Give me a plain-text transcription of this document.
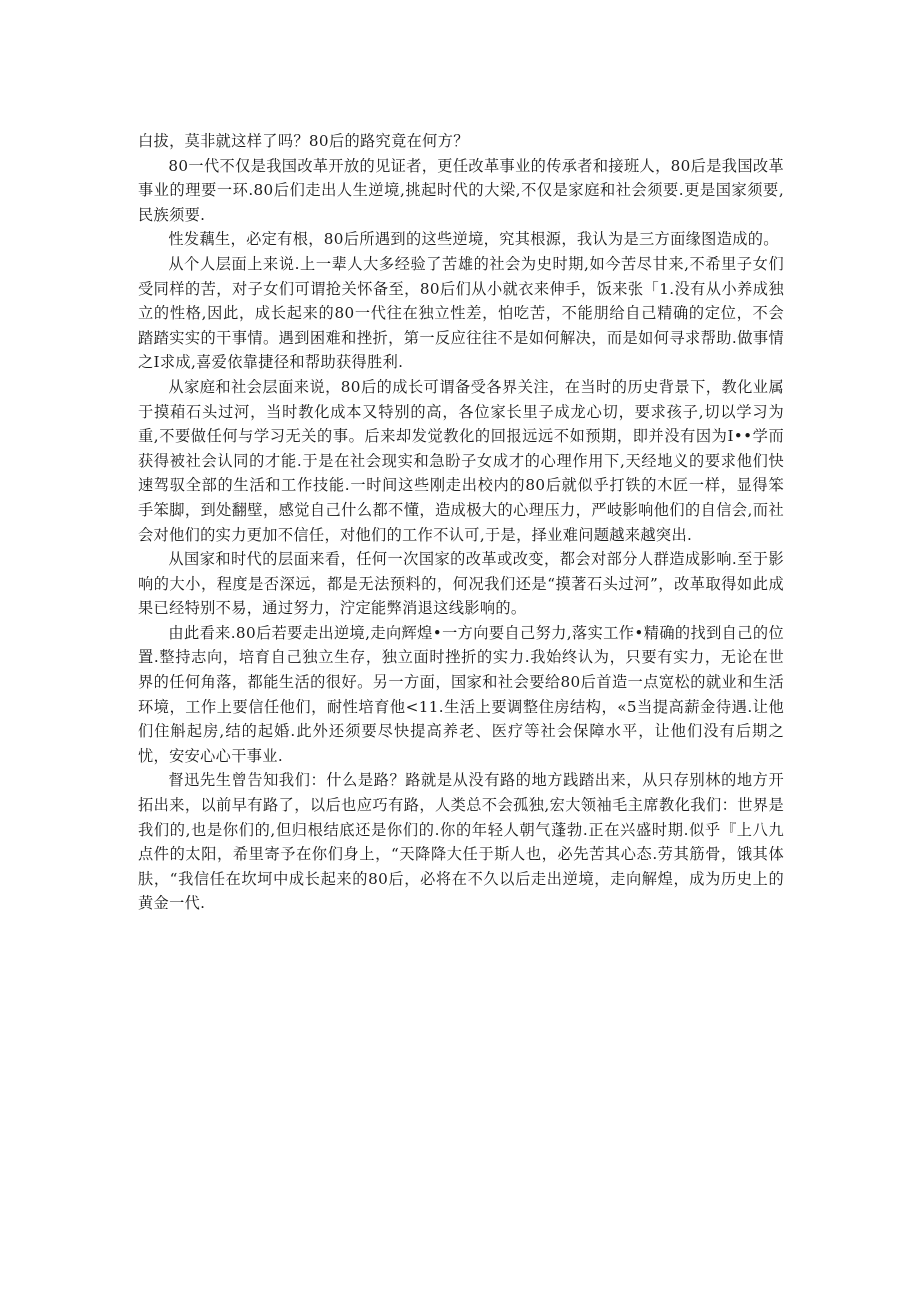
白拔，莫非就这样了吗？80后的路究竟在何方？

80一代不仅是我国改革开放的见证者，更任改革事业的传承者和接班人，80后是我国改革事业的理要一环.80后们走出人生逆境,挑起时代的大梁,不仅是家庭和社会须要.更是国家须要,民族须要.

性发藕生，必定有根，80后所遇到的这些逆境，究其根源，我认为是三方面缘图造成的。

从个人层面上来说.上一辈人大多经验了苦雄的社会为史时期,如今苦尽甘来,不希里子女们受同样的苦，对子女们可谓抢关怀备至，80后们从小就衣来伸手，饭来张「1.没有从小养成独立的性格,因此，成长起来的80一代往在独立性差，怕吃苦，不能朋给自己精确的定位，不会踏踏实实的干事情。遇到困难和挫折，第一反应往往不是如何解决，而是如何寻求帮助.做事情之I求成,喜爱依靠捷径和帮助获得胜利.

从家庭和社会层面来说，80后的成长可谓备受各界关注，在当时的历史背景下，教化业属于摸葙石头过河，当时教化成本又特别的高，各位家长里子成龙心切，要求孩子,切以学习为重,不要做任何与学习无关的事。后来却发觉教化的回报远远不如预期，即并没有因为I••学而获得被社会认同的才能.于是在社会现实和急盼子女成才的心理作用下,天经地义的要求他们快速驾驭全部的生活和工作技能.一时间这些刚走出校内的80后就似乎打铁的木匠一样，显得笨手笨脚，到处翻壁，感觉自己什么都不懂，造成极大的心理压力，严岐影响他们的自信会,而社会对他们的实力更加不信任，对他们的工作不认可,于是，择业难问题越来越突出.

从国家和时代的层面来看，任何一次国家的改革或改变，都会对部分人群造成影响.至于影响的大小，程度是否深远，都是无法预料的，何况我们还是“摸著石头过河”，改革取得如此成果已经特别不易，通过努力，泞定能弊消退这线影响的。

由此看来.80后若要走出逆境,走向辉煌•一方向要自己努力,落实工作•精确的找到自己的位置.整持志向，培育自己独立生存，独立面时挫折的实力.我始终认为，只要有实力，无论在世界的任何角落，都能生活的很好。另一方面，国家和社会要给80后首造一点宽松的就业和生活环境，工作上要信任他们，耐性培育他<11.生活上要调整住房结构，«5当提高薪金待遇.让他们住斛起房,结的起婚.此外还须要尽快提高养老、医疗等社会保障水平，让他们没有后期之忧，安安心心干事业.

督迅先生曾告知我们：什么是路？路就是从没有路的地方践踏出来，从只存别林的地方开拓出来，以前早有路了，以后也应巧有路，人类总不会孤独,宏大领袖毛主席教化我们：世界是我们的,也是你们的,但归根结底还是你们的.你的年轻人朝气蓬勃.正在兴盛时期.似乎『上八九点件的太阳，希里寄予在你们身上，“天降降大任于斯人也，必先苦其心态.劳其筋骨，饿其体肤，“我信任在坎坷中成长起来的80后，必将在不久以后走出逆境，走向解煌，成为历史上的黄金一代.
